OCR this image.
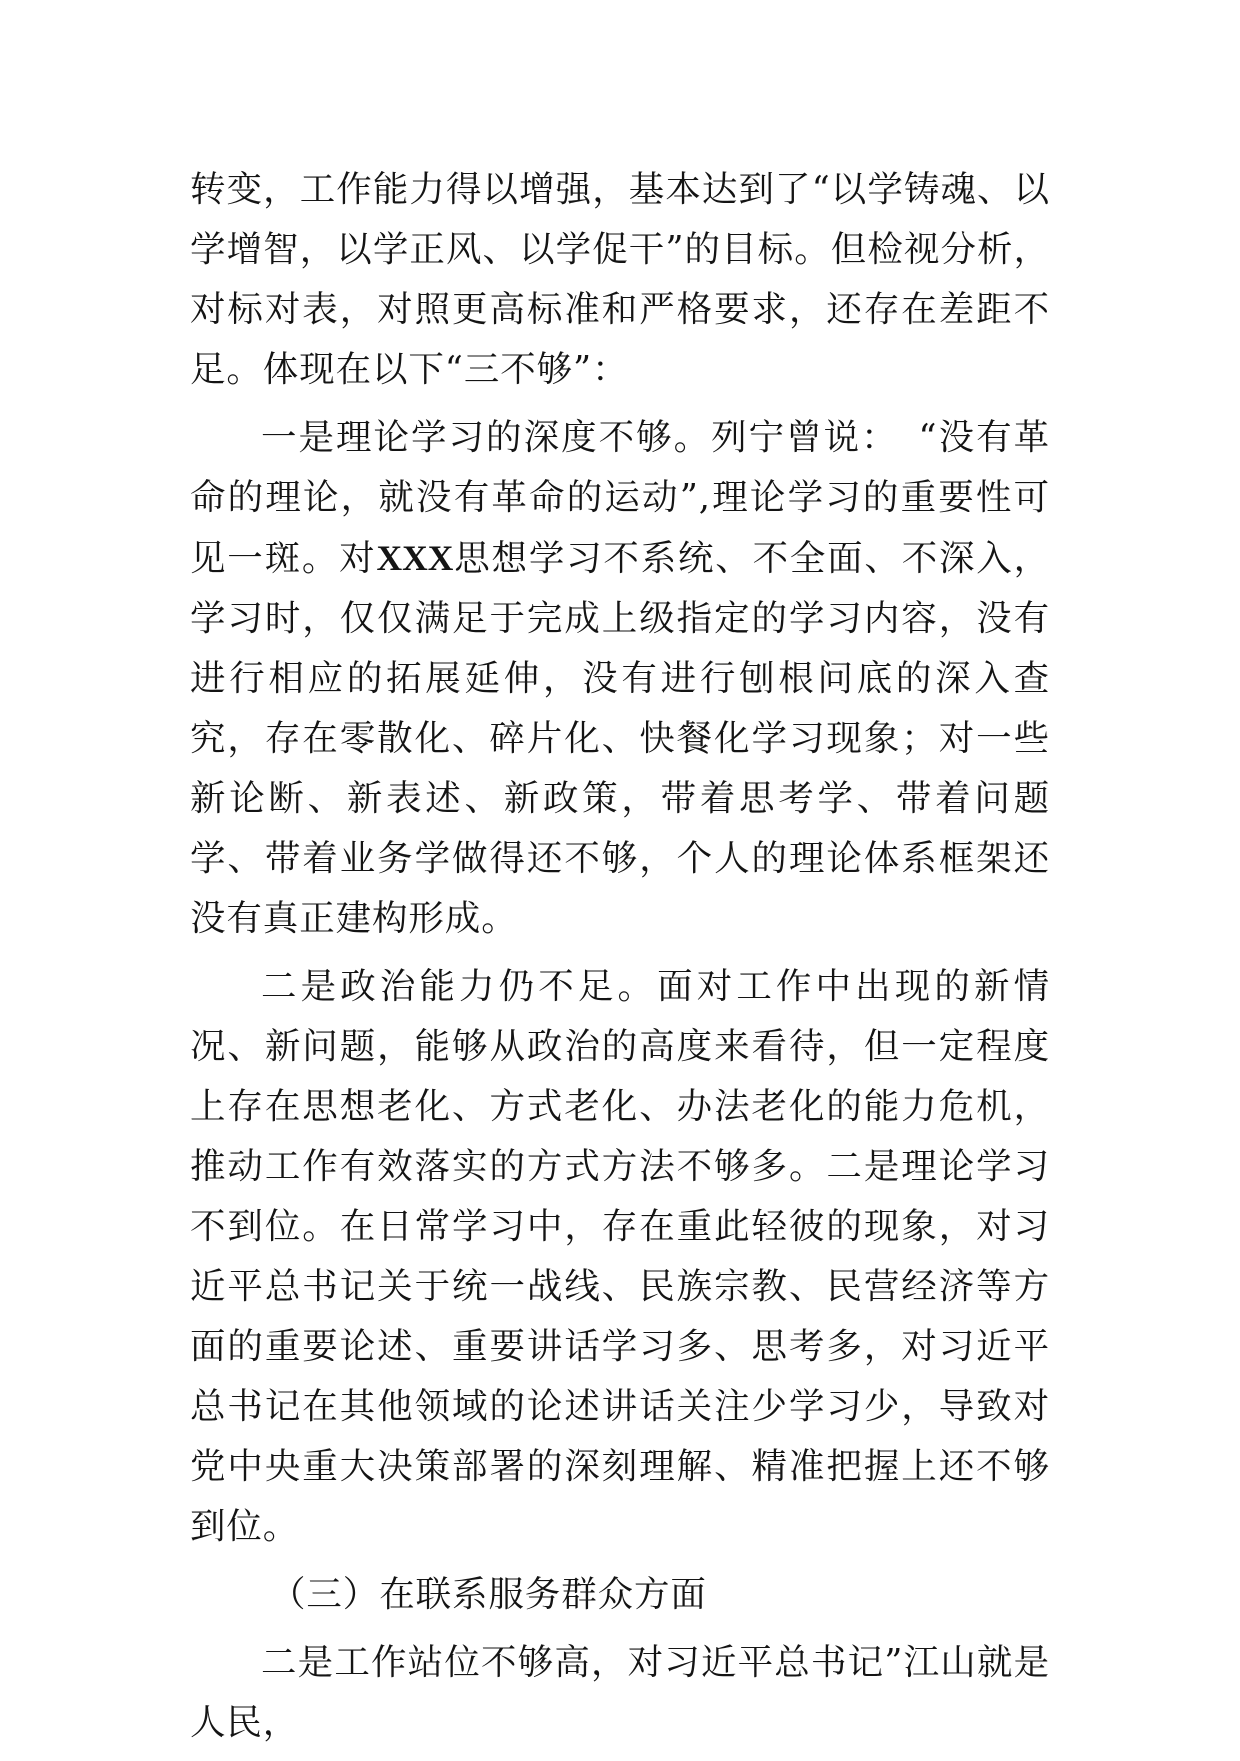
转变，工作能力得以增强，基本达到了“以学铸魂、以学增智，以学正风、以学促干”的目标。但检视分析，对标对表，对照更高标准和严格要求，还存在差距不足。体现在以下“三不够”：

一是理论学习的深度不够。列宁曾说：　“没有革命的理论，就没有革命的运动”,理论学习的重要性可见一斑。对XXX思想学习不系统、不全面、不深入，学习时，仅仅满足于完成上级指定的学习内容，没有进行相应的拓展延伸，没有进行刨根问底的深入查究，存在零散化、碎片化、快餐化学习现象；对一些新论断、新表述、新政策，带着思考学、带着问题学、带着业务学做得还不够，个人的理论体系框架还没有真正建构形成。

二是政治能力仍不足。面对工作中出现的新情况、新问题，能够从政治的高度来看待，但一定程度上存在思想老化、方式老化、办法老化的能力危机，推动工作有效落实的方式方法不够多。二是理论学习不到位。在日常学习中，存在重此轻彼的现象，对习近平总书记关于统一战线、民族宗教、民营经济等方面的重要论述、重要讲话学习多、思考多，对习近平总书记在其他领域的论述讲话关注少学习少，导致对党中央重大决策部署的深刻理解、精准把握上还不够到位。

（三）在联系服务群众方面

二是工作站位不够高，对习近平总书记”江山就是人民，
